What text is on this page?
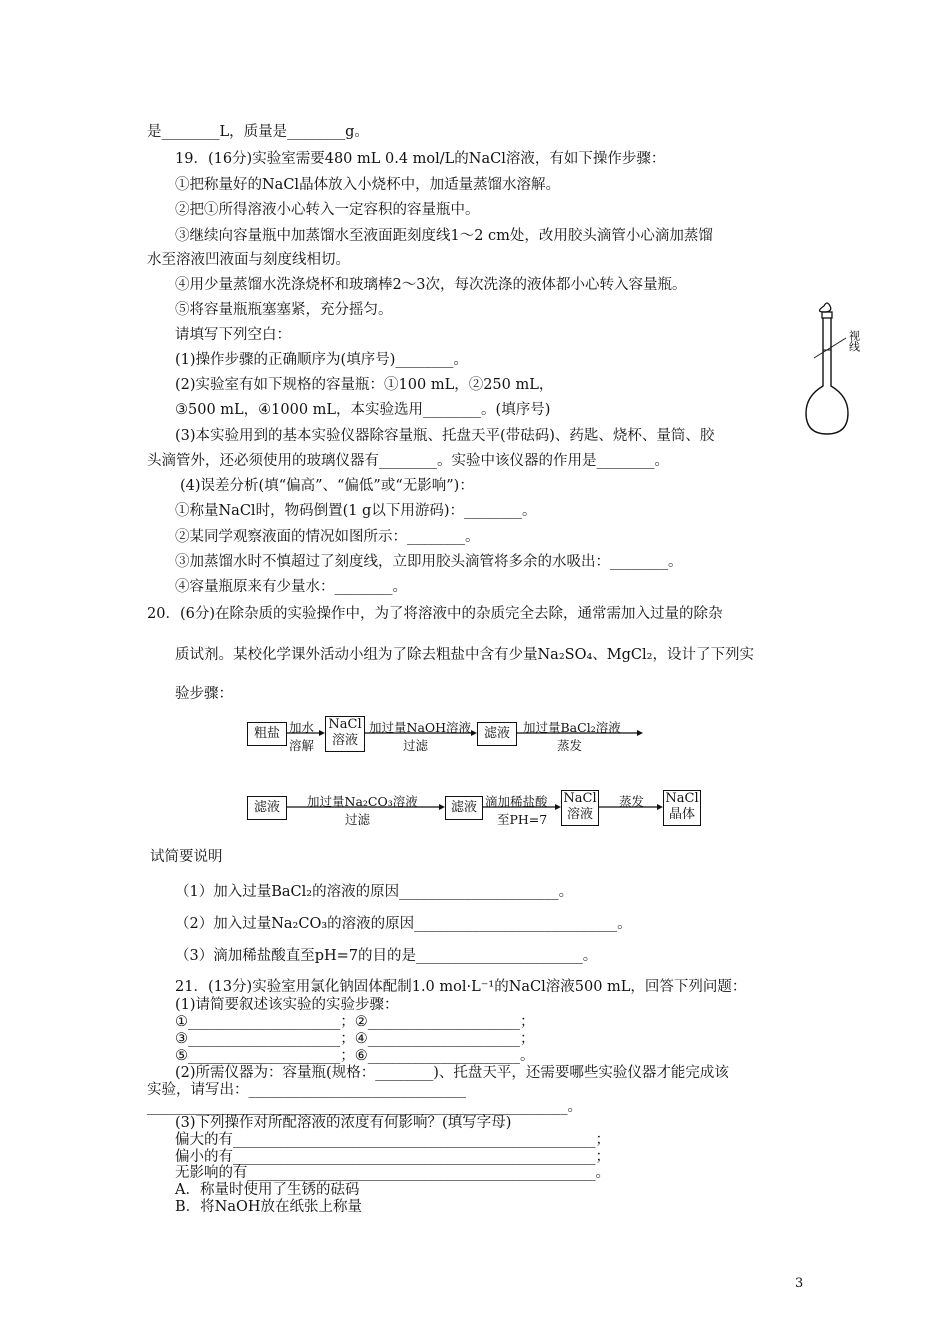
是________L，质量是________g。
19．(16分)实验室需要480 mL 0.4 mol/L的NaCl溶液，有如下操作步骤：
①把称量好的NaCl晶体放入小烧杯中，加适量蒸馏水溶解。
②把①所得溶液小心转入一定容积的容量瓶中。
③继续向容量瓶中加蒸馏水至液面距刻度线1～2 cm处，改用胶头滴管小心滴加蒸馏
水至溶液凹液面与刻度线相切。
④用少量蒸馏水洗涤烧杯和玻璃棒2～3次，每次洗涤的液体都小心转入容量瓶。
⑤将容量瓶瓶塞塞紧，充分摇匀。
请填写下列空白：
(1)操作步骤的正确顺序为(填序号)________。
(2)实验室有如下规格的容量瓶：①100 mL，②250 mL，
③500 mL，④1000 mL，本实验选用________。(填序号)
(3)本实验用到的基本实验仪器除容量瓶、托盘天平(带砝码)、药匙、烧杯、量筒、胶
头滴管外，还必须使用的玻璃仪器有________。实验中该仪器的作用是________。
(4)误差分析(填“偏高”、“偏低”或“无影响”)：
①称量NaCl时，物码倒置(1 g以下用游码)：________。
②某同学观察液面的情况如图所示：________。
③加蒸馏水时不慎超过了刻度线，立即用胶头滴管将多余的水吸出：________。
④容量瓶原来有少量水：________。
20．(6分)在除杂质的实验操作中，为了将溶液中的杂质完全去除，通常需加入过量的除杂
质试剂。某校化学课外活动小组为了除去粗盐中含有少量Na₂SO₄、MgCl₂，设计了下列实
验步骤：
视线
粗盐 加水
溶解
NaCl
溶液
加过量NaOH溶液
过滤
滤液	加过量BaCl₂溶液
蒸发
滤液	加过量Na₂CO₃溶液
过滤
滤液 滴加稀盐酸
至PH=7
NaCl
溶液
蒸发 NaCl
晶体
试简要说明
（1）加入过量BaCl₂的溶液的原因______________________。
（2）加入过量Na₂CO₃的溶液的原因____________________________。
（3）滴加稀盐酸直至pH=7的目的是_______________________。
21．(13分)实验室用氯化钠固体配制1.0 mol·L⁻¹的NaCl溶液500 mL，回答下列问题：
(1)请简要叙述该实验的实验步骤：
①_____________________；②_____________________；
③_____________________；④_____________________；
⑤_____________________；⑥_____________________。
(2)所需仪器为：容量瓶(规格：________)、托盘天平，还需要哪些实验仪器才能完成该
实验，请写出：______________________________
__________________________________________________________。
(3)下列操作对所配溶液的浓度有何影响？(填写字母)
偏大的有__________________________________________________；
偏小的有__________________________________________________；
无影响的有________________________________________________。
A．称量时使用了生锈的砝码
B．将NaOH放在纸张上称量
3
